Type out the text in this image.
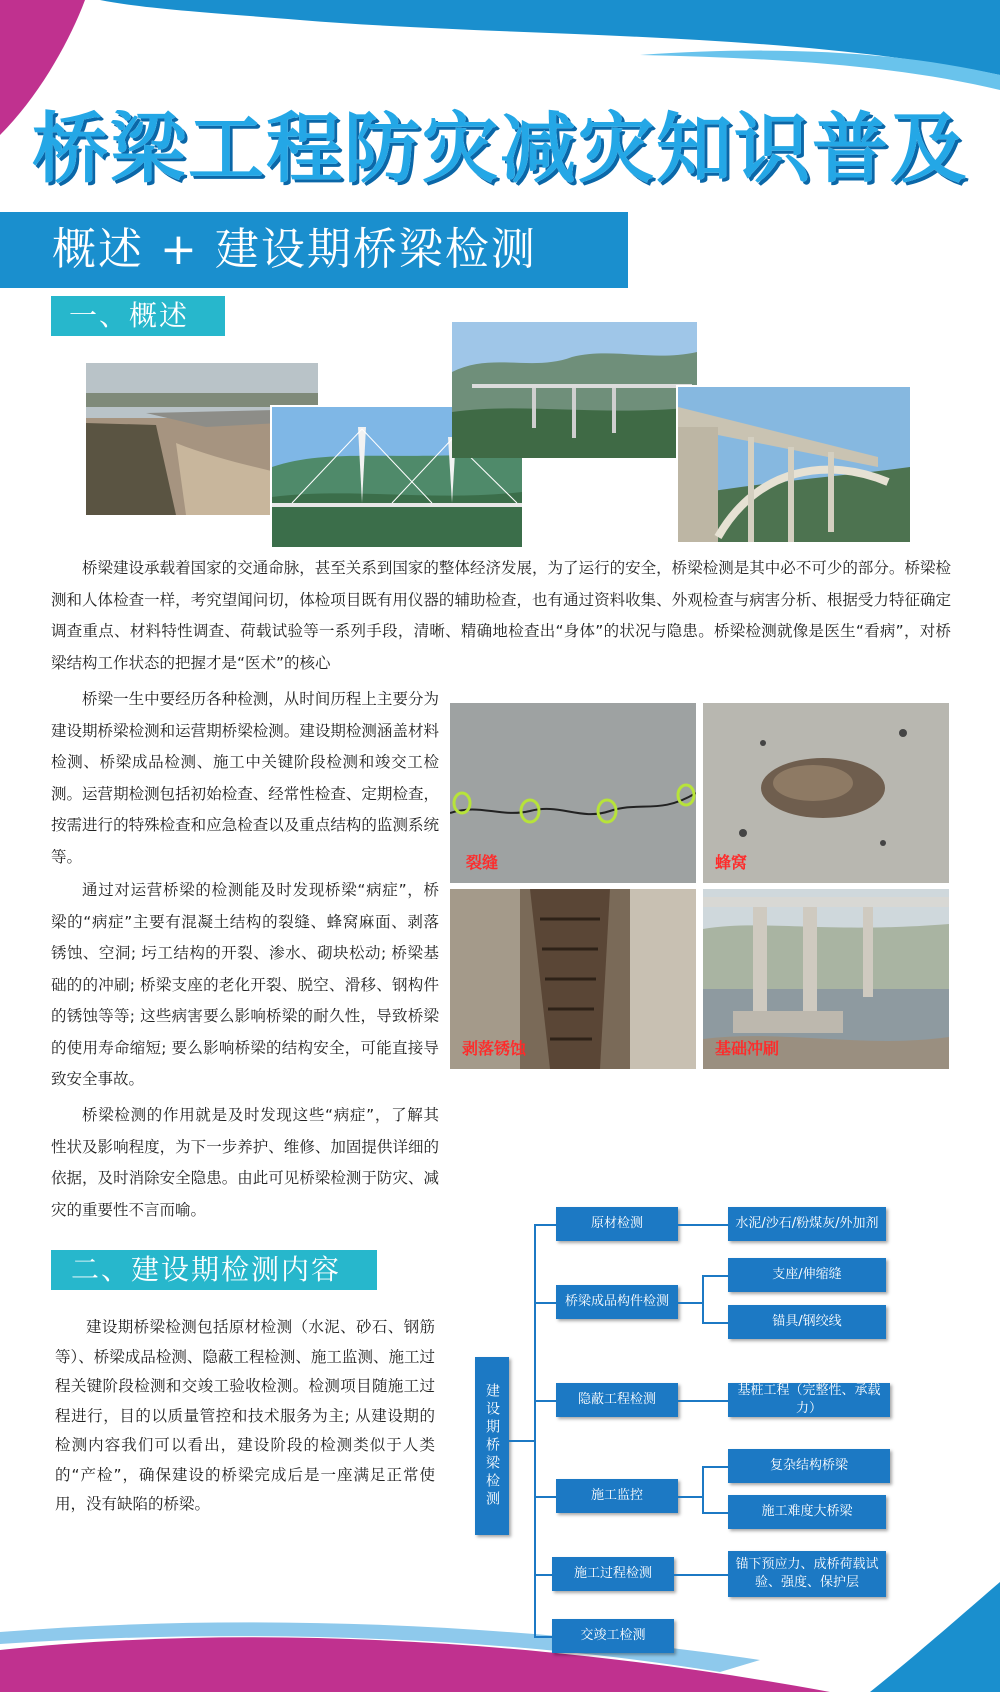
桥梁工程防灾减灾知识普及
概述 + 建设期桥梁检测
一、概述

桥梁建设承载着国家的交通命脉，甚至关系到国家的整体经济发展，为了运行的安全，桥梁检测是其中必不可少的部分。桥梁检测和人体检查一样，考究望闻问切，体检项目既有用仪器的辅助检查，也有通过资料收集、外观检查与病害分析、根据受力特征确定调查重点、材料特性调查、荷载试验等一系列手段，清晰、精确地检查出“身体”的状况与隐患。桥梁检测就像是医生“看病”，对桥梁结构工作状态的把握才是“医术”的核心

桥梁一生中要经历各种检测，从时间历程上主要分为建设期桥梁检测和运营期桥梁检测。建设期检测涵盖材料检测、桥梁成品检测、施工中关键阶段检测和竣交工检测。运营期检测包括初始检查、经常性检查、定期检查，按需进行的特殊检查和应急检查以及重点结构的监测系统等。

通过对运营桥梁的检测能及时发现桥梁“病症”，桥梁的“病症”主要有混凝土结构的裂缝、蜂窝麻面、剥落锈蚀、空洞; 圬工结构的开裂、渗水、砌块松动; 桥梁基础的的冲刷; 桥梁支座的老化开裂、脱空、滑移、钢构件的锈蚀等等; 这些病害要么影响桥梁的耐久性，导致桥梁的使用寿命缩短; 要么影响桥梁的结构安全，可能直接导致安全事故。

桥梁检测的作用就是及时发现这些“病症”，了解其性状及影响程度，为下一步养护、维修、加固提供详细的依据，及时消除安全隐患。由此可见桥梁检测于防灾、减灾的重要性不言而喻。

裂缝	蜂窝
剥落锈蚀	基础冲刷
二、建设期检测内容

建设期桥梁检测包括原材检测（水泥、砂石、钢筋等）、桥梁成品检测、隐蔽工程检测、施工监测、施工过程关键阶段检测和交竣工验收检测。检测项目随施工过程进行，目的以质量管控和技术服务为主; 从建设期的检测内容我们可以看出，建设阶段的检测类似于人类的“产检”，确保建设的桥梁完成后是一座满足正常使用，没有缺陷的桥梁。	建设期桥梁检测
原材检测
桥梁成品构件检测
隐蔽工程检测
施工监控
施工过程检测
交竣工检测
水泥/沙石/粉煤灰/外加剂
支座/伸缩缝
锚具/钢绞线
基桩工程（完整性、承载力）
复杂结构桥梁
施工难度大桥梁
锚下预应力、成桥荷载试验、强度、保护层
